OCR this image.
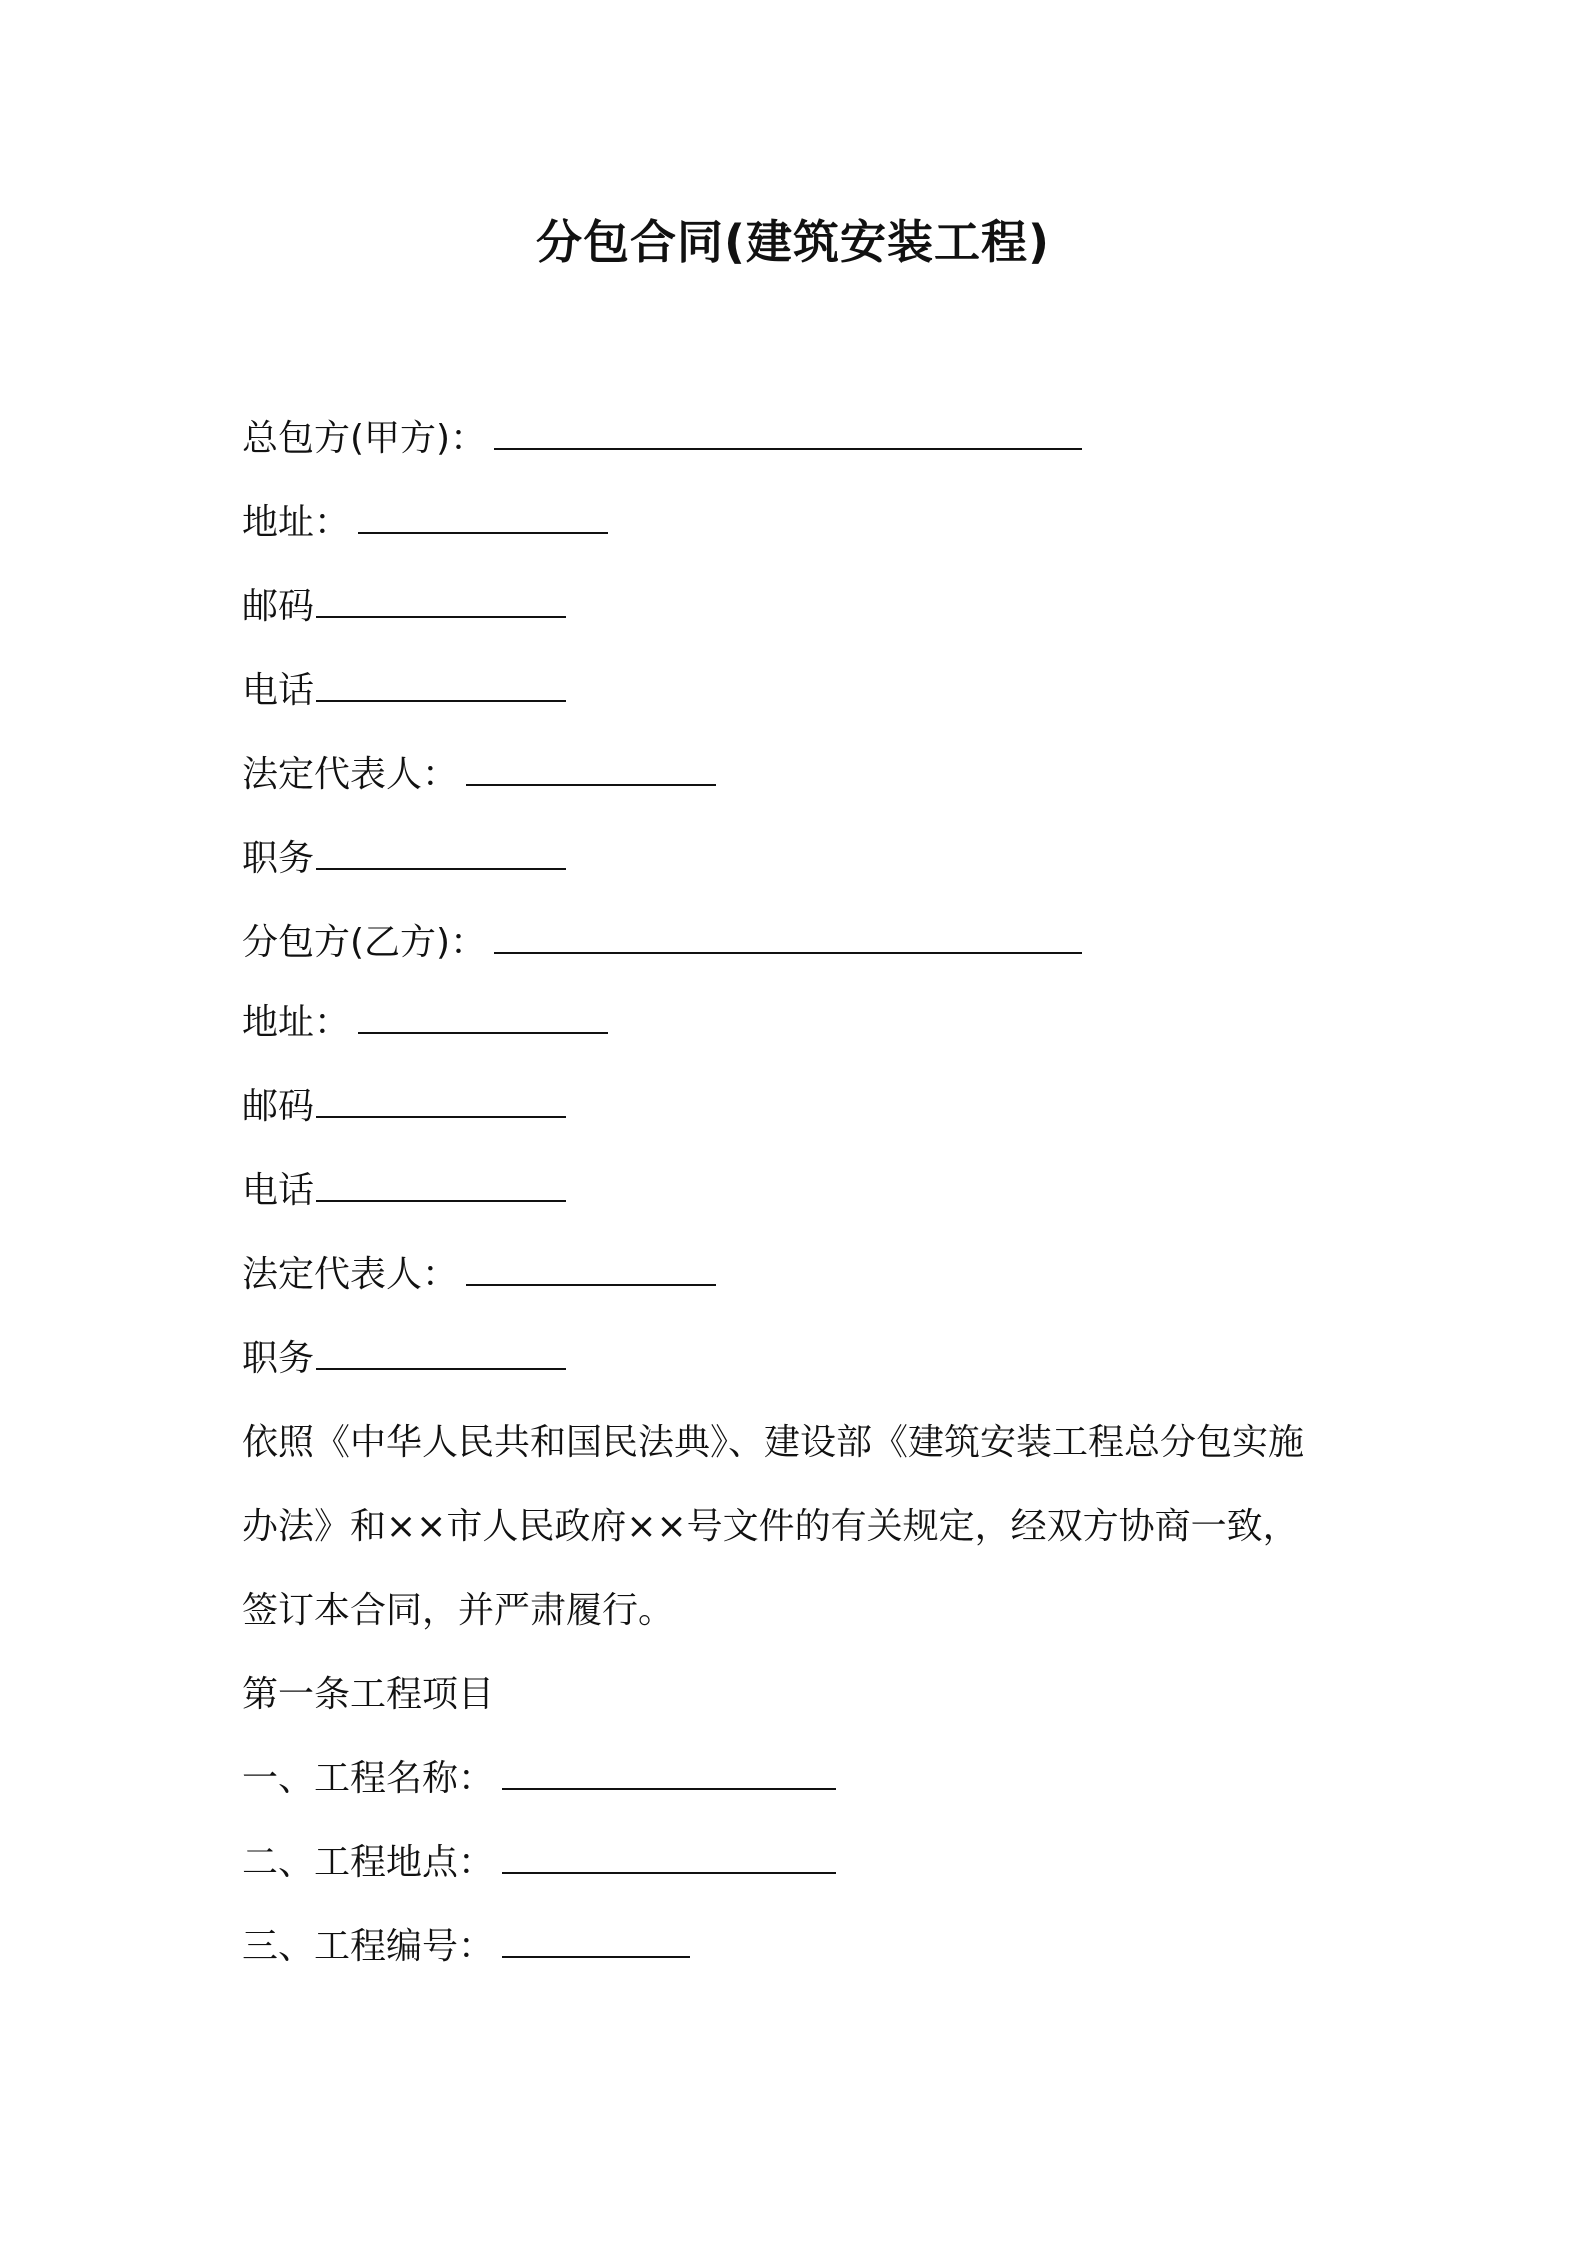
分包合同(建筑安装工程)
总包方(甲方)：
地址：
邮码
电话
法定代表人：
职务
分包方(乙方)：
地址：
邮码
电话
法定代表人：
职务
依照《中华人民共和国民法典》、建设部《建筑安装工程总分包实施
办法》和××市人民政府××号文件的有关规定，经双方协商一致，
签订本合同，并严肃履行。
第一条工程项目
一、工程名称：
二、工程地点：
三、工程编号：
